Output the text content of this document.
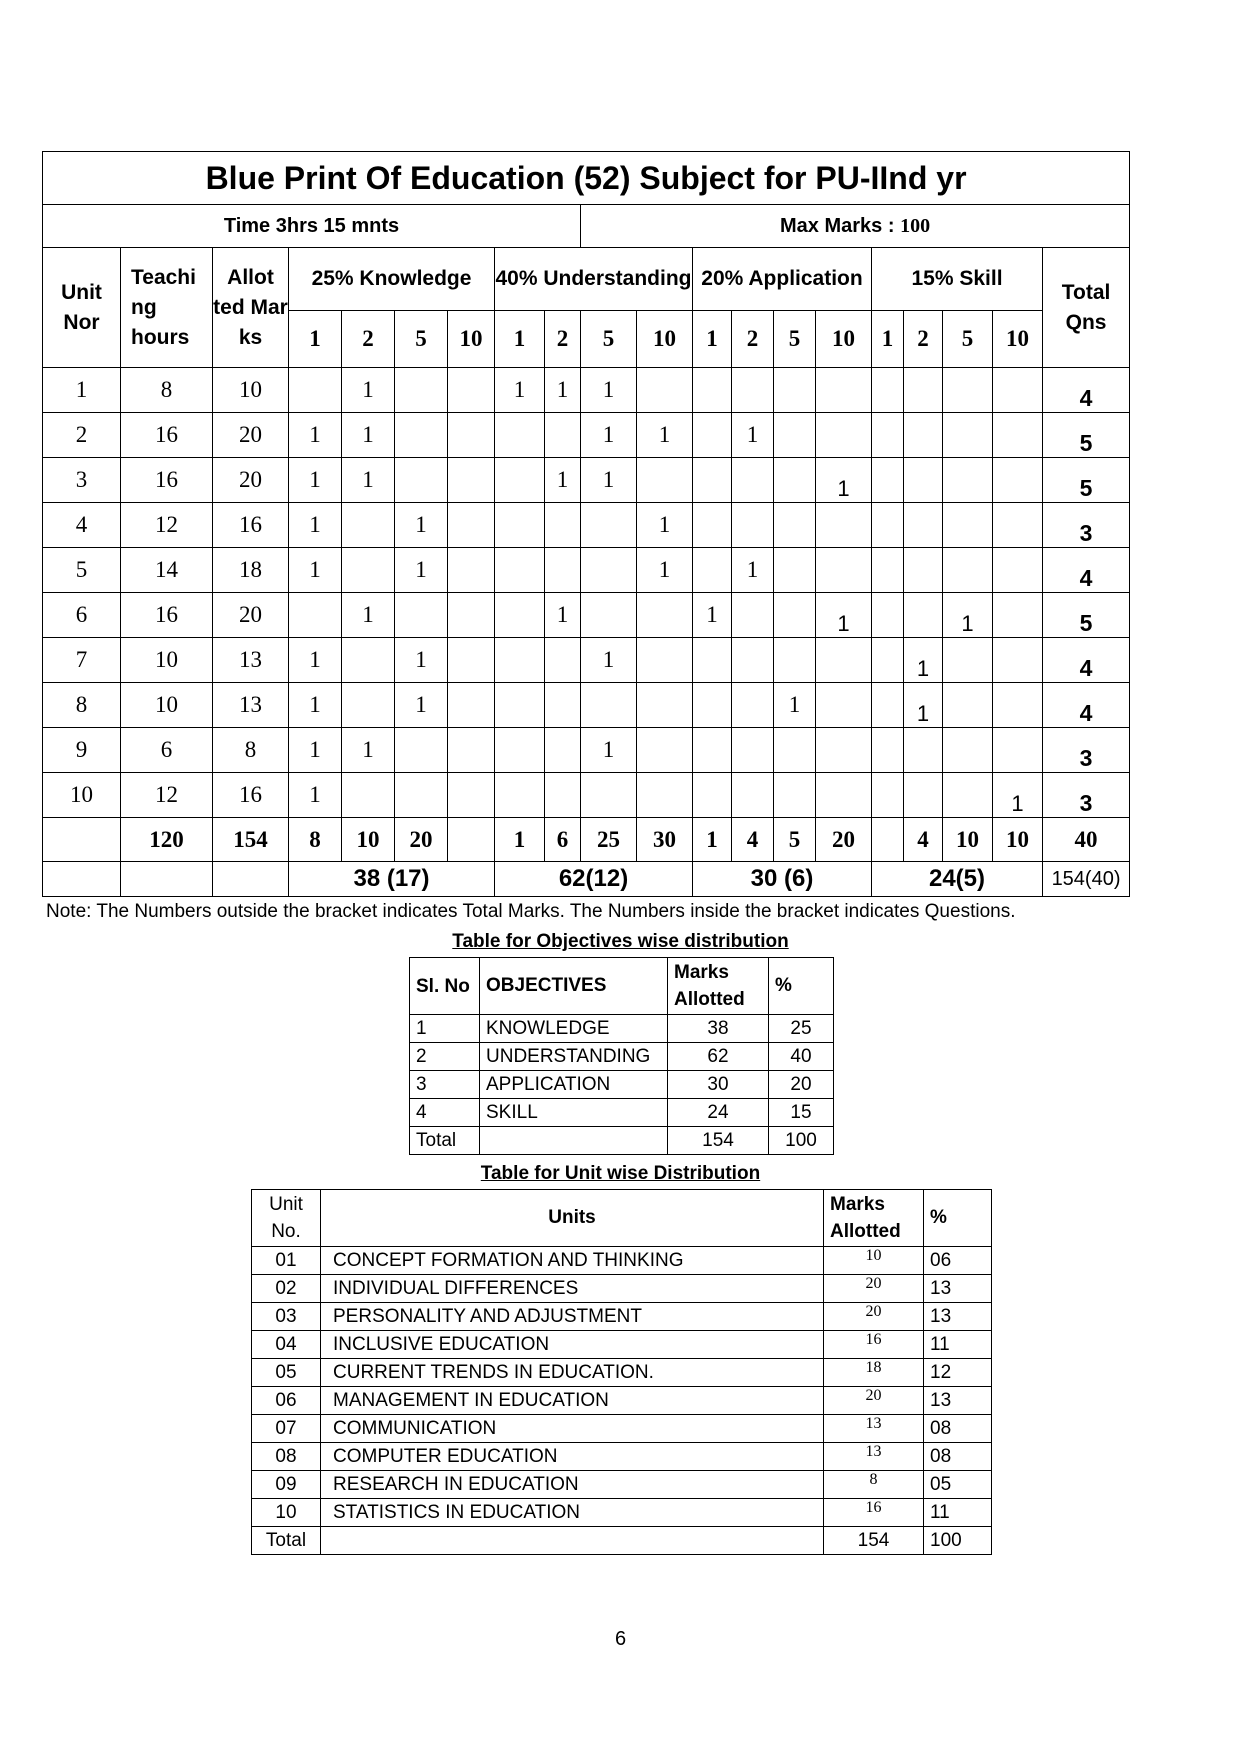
Blue Print Of Education (52) Subject for PU-IInd yr																			
Time 3hrs 15 mnts									Max Marks : 100										
Unit Nor	Teachi ng hours	Allot ted Mar ks	25% Knowledge				40% Understanding				20% Application				15% Skill				Total Qns
			1	2	5	10	1	2	5	10	1	2	5	10	1	2	5	10	
1	8	10		1			1	1	1										4
2	16	20	1	1					1	1		1							5
3	16	20	1	1				1	1					1					5
4	12	16	1		1					1									3
5	14	18	1		1					1		1							4
6	16	20		1				1			1			1			1		5
7	10	13	1		1				1							1			4
8	10	13	1		1								1			1			4
9	6	8	1	1					1										3
10	12	16	1															1	3
	120	154	8	10	20		1	6	25	30	1	4	5	20		4	10	10	40
			38 (17)				62(12)				30 (6)				24(5)				154(40)
Note: The Numbers outside the bracket indicates Total Marks. The Numbers inside the bracket indicates Questions.
Table for Objectives wise distribution
Sl. No	OBJECTIVES	Marks Allotted	%
1	KNOWLEDGE	38	25
2	UNDERSTANDING	62	40
3	APPLICATION	30	20
4	SKILL	24	15
Total		154	100
Table for Unit wise Distribution
Unit No.	Units	Marks Allotted	%
01	CONCEPT FORMATION AND THINKING	10	06
02	INDIVIDUAL DIFFERENCES	20	13
03	PERSONALITY AND ADJUSTMENT	20	13
04	INCLUSIVE EDUCATION	16	11
05	CURRENT TRENDS IN EDUCATION.	18	12
06	MANAGEMENT IN EDUCATION	20	13
07	COMMUNICATION	13	08
08	COMPUTER EDUCATION	13	08
09	RESEARCH IN EDUCATION	8	05
10	STATISTICS IN EDUCATION	16	11
Total		154	100
6
